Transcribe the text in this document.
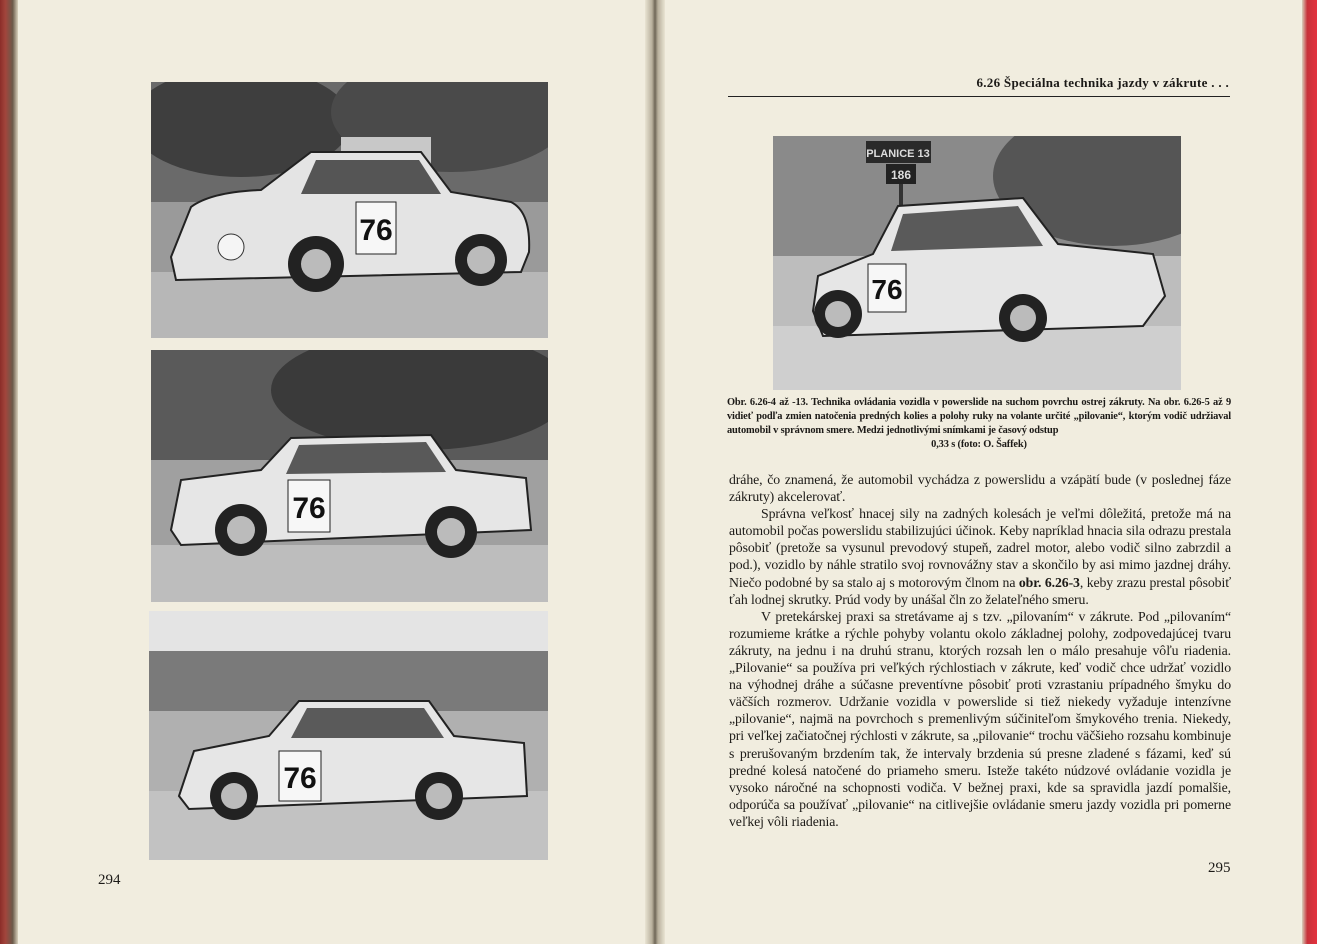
76
76
76
294
6.26 Špeciálna technika jazdy v zákrute . . .
PLANICE 13
186
76
Obr. 6.26-4 až -13. Technika ovládania vozidla v powerslide na suchom povrchu ostrej zákruty. Na obr. 6.26-5 až 9 vidieť podľa zmien natočenia predných kolies a polohy ruky na volante určité „pilovanie“, ktorým vodič udržiaval automobil v správnom smere. Medzi jednotlivými snímkami je časový odstup
0,33 s (foto: O. Šaffek)

dráhe, čo znamená, že automobil vychádza z powerslidu a vzápätí bude (v poslednej fáze zákruty) akcelerovať.

Správna veľkosť hnacej sily na zadných kolesách je veľmi dôležitá, pretože má na automobil počas powerslidu stabilizujúci účinok. Keby napríklad hnacia sila odrazu prestala pôsobiť (pretože sa vysunul prevodový stupeň, zadrel motor, alebo vodič silno zabrzdil a pod.), vozidlo by náhle stratilo svoj rovnovážny stav a skončilo by asi mimo jazdnej dráhy. Niečo podobné by sa stalo aj s motorovým člnom na obr. 6.26-3, keby zrazu prestal pôsobiť ťah lodnej skrutky. Prúd vody by unášal čln zo želateľného smeru.

V pretekárskej praxi sa stretávame aj s tzv. „pilovaním“ v zákrute. Pod „pilovaním“ rozumieme krátke a rýchle pohyby volantu okolo základnej polohy, zodpovedajúcej tvaru zákruty, na jednu i na druhú stranu, ktorých rozsah len o málo presahuje vôľu riadenia. „Pilovanie“ sa používa pri veľkých rýchlostiach v zákrute, keď vodič chce udržať vozidlo na výhodnej dráhe a súčasne preventívne pôsobiť proti vzrastaniu prípadného šmyku do väčších rozmerov. Udržanie vozidla v powerslide si tiež niekedy vyžaduje intenzívne „pilovanie“, najmä na povrchoch s premenlivým súčiniteľom šmykového trenia. Niekedy, pri veľkej začiatočnej rýchlosti v zákrute, sa „pilovanie“ trochu väčšieho rozsahu kombinuje s prerušovaným brzdením tak, že intervaly brzdenia sú presne zladené s fázami, keď sú predné kolesá natočené do priameho smeru. Isteže takéto núdzové ovládanie vozidla je vysoko náročné na schopnosti vodiča. V bežnej praxi, kde sa spravidla jazdí pomalšie, odporúča sa používať „pilovanie“ na citlivejšie ovládanie smeru jazdy vozidla pri pomerne veľkej vôli riadenia.

295
